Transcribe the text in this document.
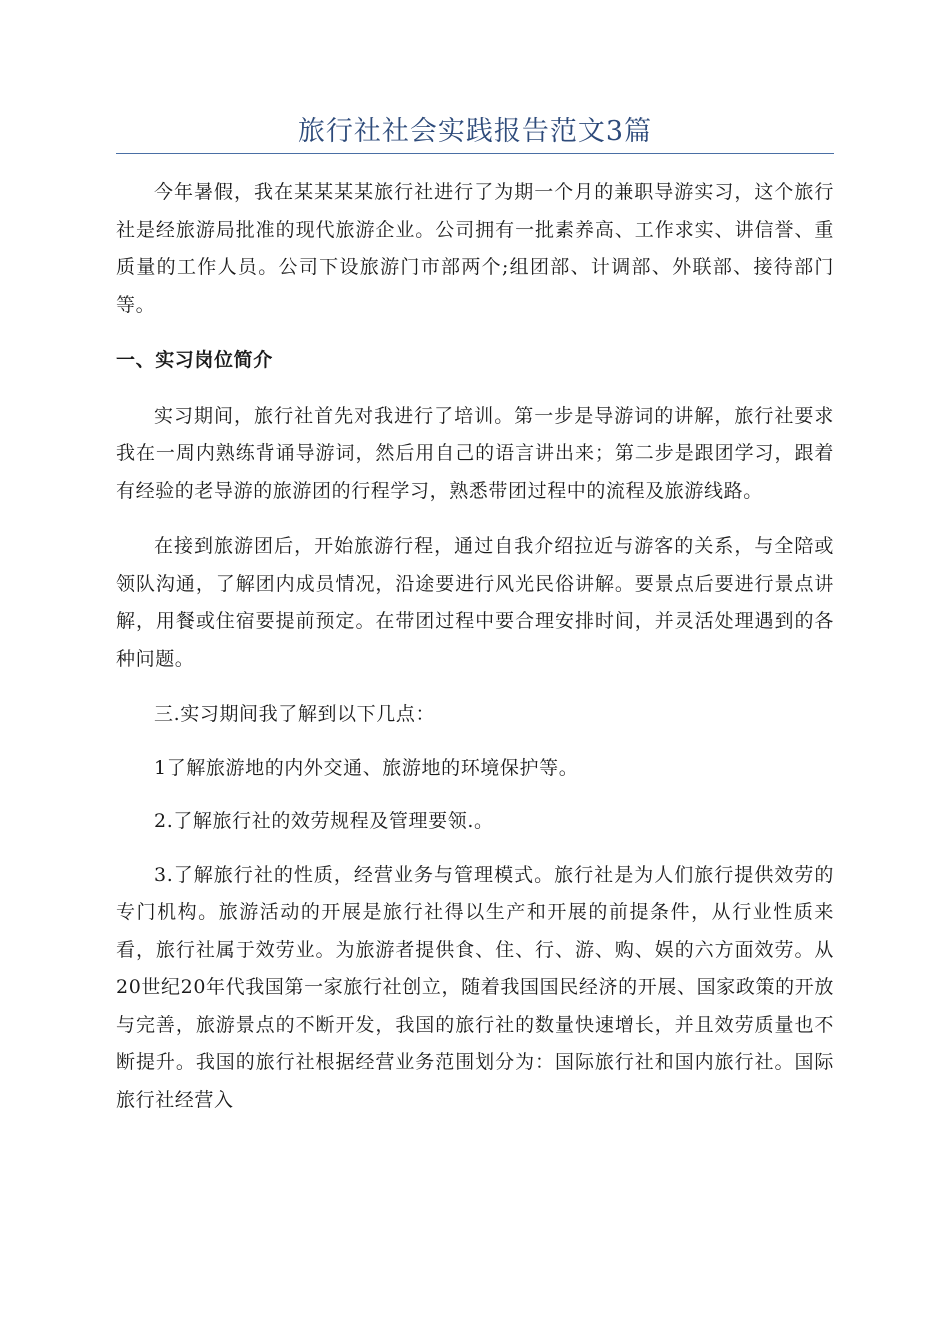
旅行社社会实践报告范文3篇

今年暑假，我在某某某某旅行社进行了为期一个月的兼职导游实习，这个旅行社是经旅游局批准的现代旅游企业。公司拥有一批素养高、工作求实、讲信誉、重质量的工作人员。公司下设旅游门市部两个;组团部、计调部、外联部、接待部门等。

一、实习岗位简介

实习期间，旅行社首先对我进行了培训。第一步是导游词的讲解，旅行社要求我在一周内熟练背诵导游词，然后用自己的语言讲出来；第二步是跟团学习，跟着有经验的老导游的旅游团的行程学习，熟悉带团过程中的流程及旅游线路。

在接到旅游团后，开始旅游行程，通过自我介绍拉近与游客的关系，与全陪或领队沟通，了解团内成员情况，沿途要进行风光民俗讲解。要景点后要进行景点讲解，用餐或住宿要提前预定。在带团过程中要合理安排时间，并灵活处理遇到的各种问题。

三.实习期间我了解到以下几点：

1了解旅游地的内外交通、旅游地的环境保护等。

2.了解旅行社的效劳规程及管理要领.。

3.了解旅行社的性质，经营业务与管理模式。旅行社是为人们旅行提供效劳的专门机构。旅游活动的开展是旅行社得以生产和开展的前提条件，从行业性质来看，旅行社属于效劳业。为旅游者提供食、住、行、游、购、娱的六方面效劳。从20世纪20年代我国第一家旅行社创立，随着我国国民经济的开展、国家政策的开放与完善，旅游景点的不断开发，我国的旅行社的数量快速增长，并且效劳质量也不断提升。我国的旅行社根据经营业务范围划分为：国际旅行社和国内旅行社。国际旅行社经营入
